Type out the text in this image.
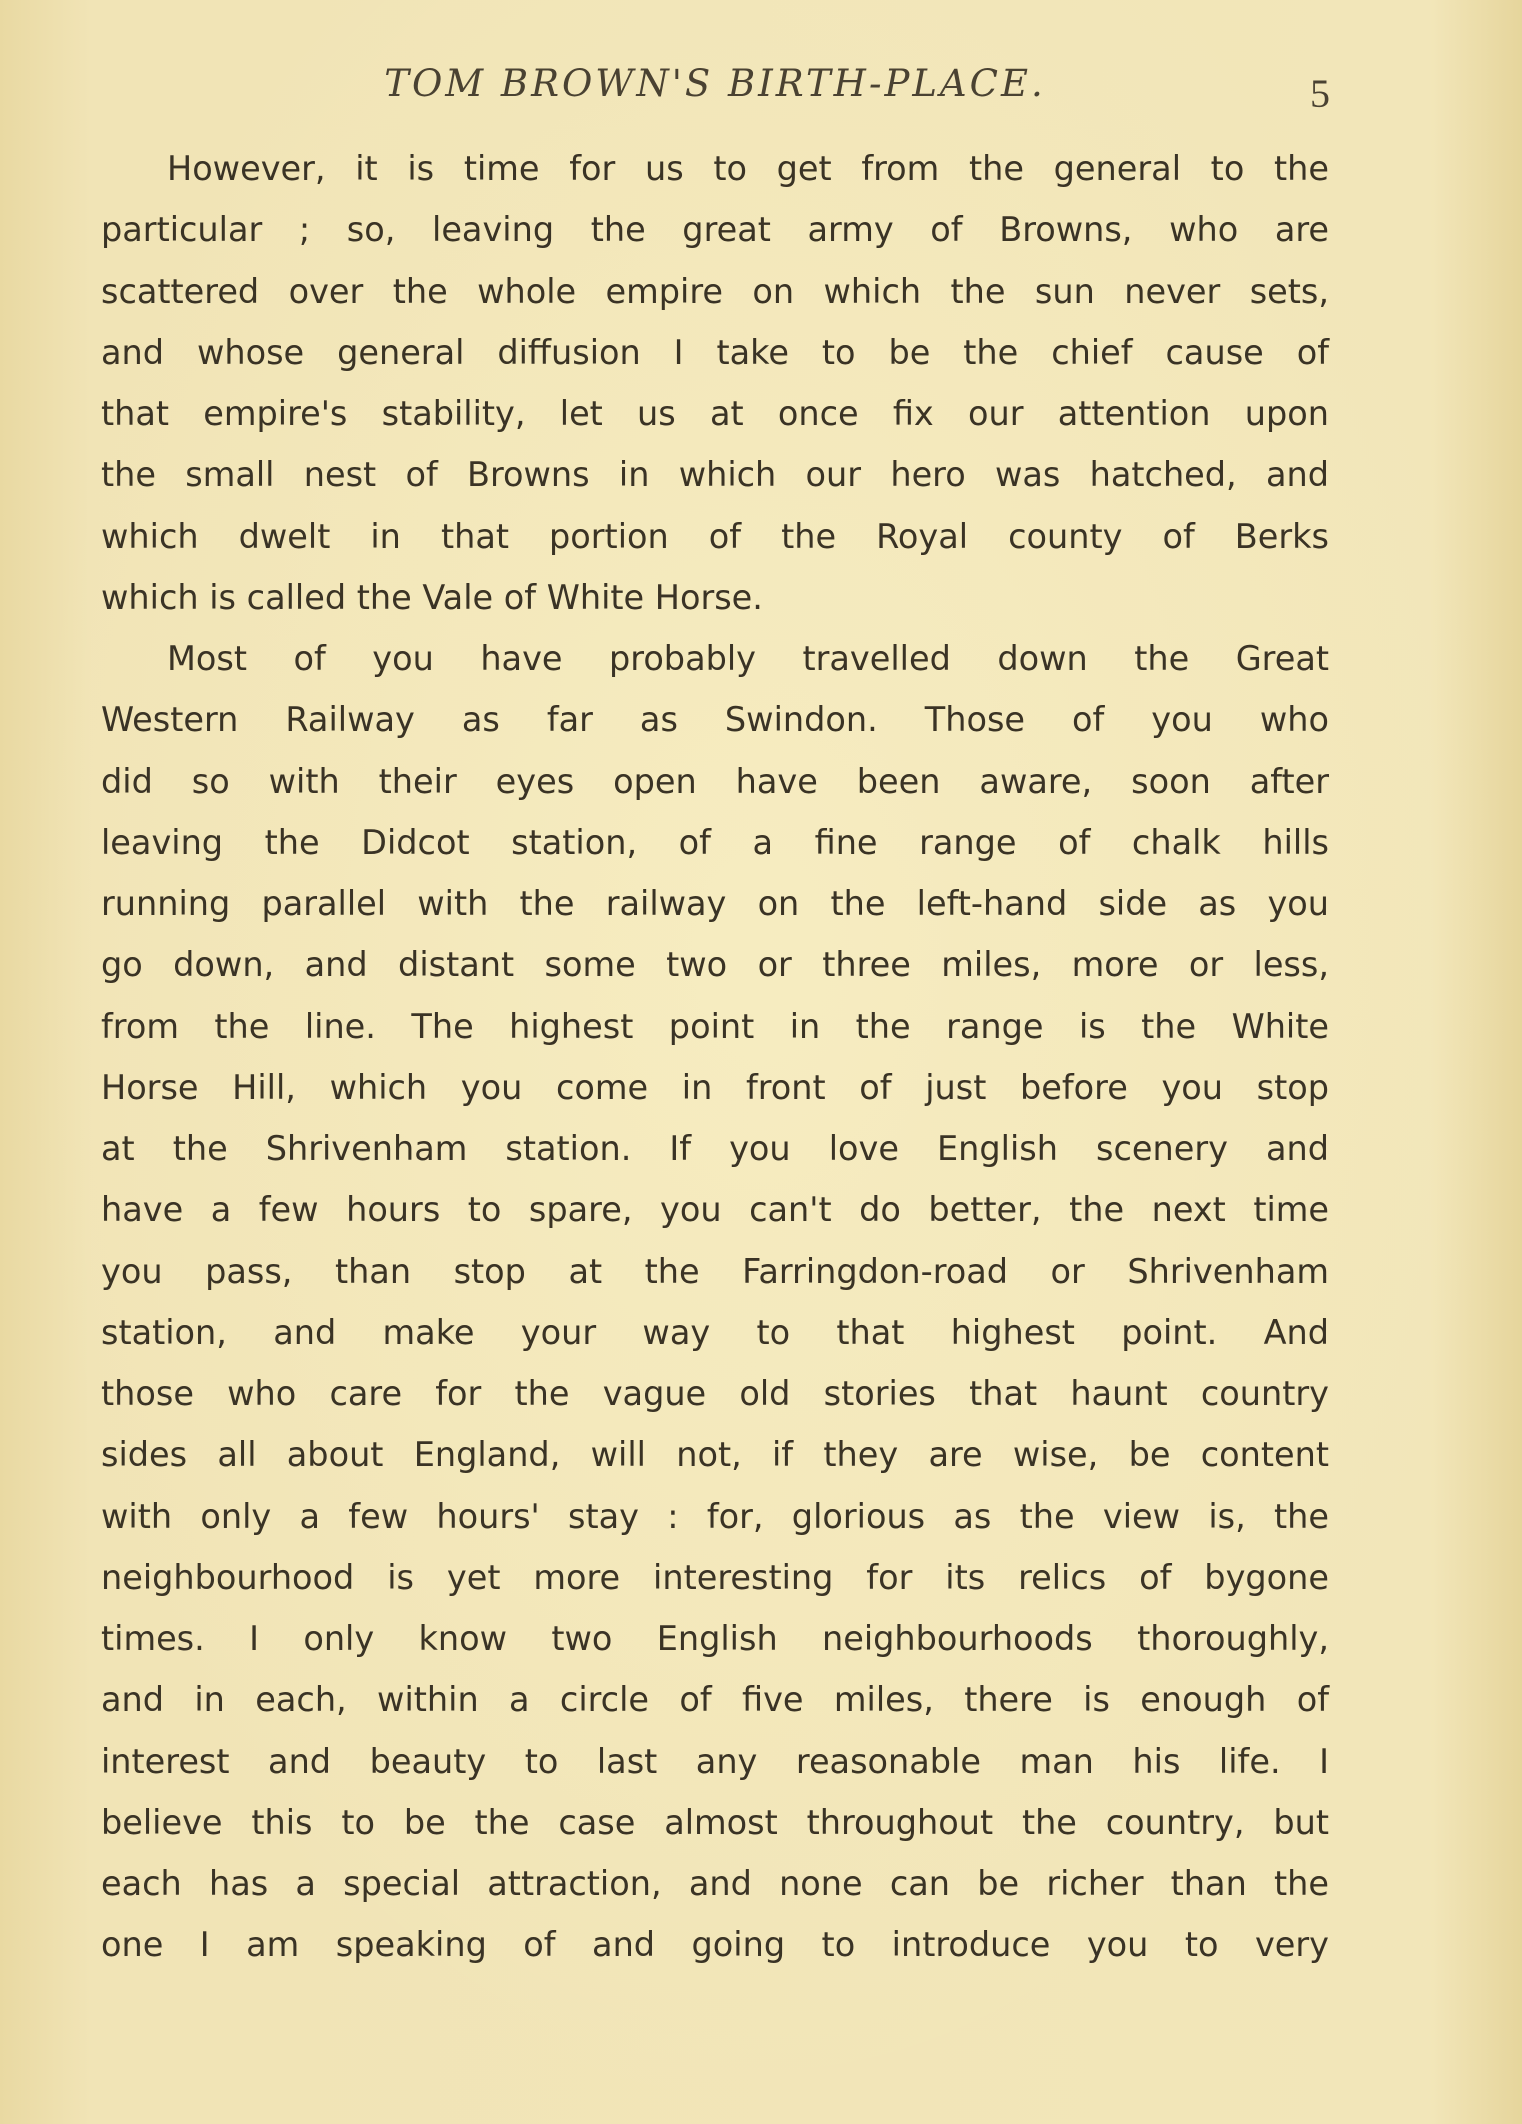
TOM BROWN'S BIRTH-PLACE.	5
However, it is time for us to get from the general to the
particular ; so, leaving the great army of Browns, who are
scattered over the whole empire on which the sun never sets,
and whose general diffusion I take to be the chief cause of
that empire's stability, let us at once fix our attention upon
the small nest of Browns in which our hero was hatched, and
which dwelt in that portion of the Royal county of Berks
which is called the Vale of White Horse.
Most of you have probably travelled down the Great
Western Railway as far as Swindon. Those of you who
did so with their eyes open have been aware, soon after
leaving the Didcot station, of a fine range of chalk hills
running parallel with the railway on the left-hand side as you
go down, and distant some two or three miles, more or less,
from the line. The highest point in the range is the White
Horse Hill, which you come in front of just before you stop
at the Shrivenham station. If you love English scenery and
have a few hours to spare, you can't do better, the next time
you pass, than stop at the Farringdon-road or Shrivenham
station, and make your way to that highest point. And
those who care for the vague old stories that haunt country
sides all about England, will not, if they are wise, be content
with only a few hours' stay : for, glorious as the view is, the
neighbourhood is yet more interesting for its relics of bygone
times. I only know two English neighbourhoods thoroughly,
and in each, within a circle of five miles, there is enough of
interest and beauty to last any reasonable man his life. I
believe this to be the case almost throughout the country, but
each has a special attraction, and none can be richer than the
one I am speaking of and going to introduce you to very
